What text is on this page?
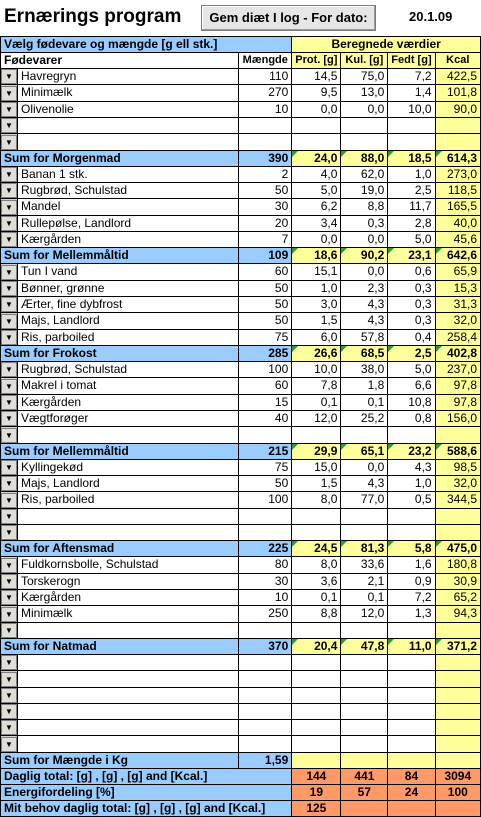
Ernærings program	Gem diæt I log - For dato:	20.1.09
Vælg fødevare og mængde [g ell stk.]			Beregnede værdier			
Fødevarer		Mængde	Prot. [g]	Kul. [g]	Fedt [g]	Kcal
▼	Havregryn	110	14,5	75,0	7,2	422,5
▼	Minimælk	270	9,5	13,0	1,4	101,8
▼	Olivenolie	10	0,0	0,0	10,0	90,0
▼						
▼						
Sum for Morgenmad		390	24,0	88,0	18,5	614,3
▼	Banan 1 stk.	2	4,0	62,0	1,0	273,0
▼	Rugbrød, Schulstad	50	5,0	19,0	2,5	118,5
▼	Mandel	30	6,2	8,8	11,7	165,5
▼	Rullepølse, Landlord	20	3,4	0,3	2,8	40,0
▼	Kærgården	7	0,0	0,0	5,0	45,6
Sum for Mellemmåltid		109	18,6	90,2	23,1	642,6
▼	Tun I vand	60	15,1	0,0	0,6	65,9
▼	Bønner, grønne	50	1,0	2,3	0,3	15,3
▼	Ærter, fine dybfrost	50	3,0	4,3	0,3	31,3
▼	Majs, Landlord	50	1,5	4,3	0,3	32,0
▼	Ris, parboiled	75	6,0	57,8	0,4	258,4
Sum for Frokost		285	26,6	68,5	2,5	402,8
▼	Rugbrød, Schulstad	100	10,0	38,0	5,0	237,0
▼	Makrel i tomat	60	7,8	1,8	6,6	97,8
▼	Kærgården	15	0,1	0,1	10,8	97,8
▼	Vægtforøger	40	12,0	25,2	0,8	156,0
▼						
Sum for Mellemmåltid		215	29,9	65,1	23,2	588,6
▼	Kyllingekød	75	15,0	0,0	4,3	98,5
▼	Majs, Landlord	50	1,5	4,3	1,0	32,0
▼	Ris, parboiled	100	8,0	77,0	0,5	344,5
▼						
▼						
Sum for Aftensmad		225	24,5	81,3	5,8	475,0
▼	Fuldkornsbolle, Schulstad	80	8,0	33,6	1,6	180,8
▼	Torskerogn	30	3,6	2,1	0,9	30,9
▼	Kærgården	10	0,1	0,1	7,2	65,2
▼	Minimælk	250	8,8	12,0	1,3	94,3
▼						
Sum for Natmad		370	20,4	47,8	11,0	371,2
▼						
▼						
▼						
▼						
▼						
▼						
Sum for Mængde i Kg		1,59				
Daglig total: [g] , [g] , [g] and [Kcal.]			144	441	84	3094
Energifordeling [%]			19	57	24	100
Mit behov daglig total: [g] , [g] , [g] and [Kcal.]			125			
